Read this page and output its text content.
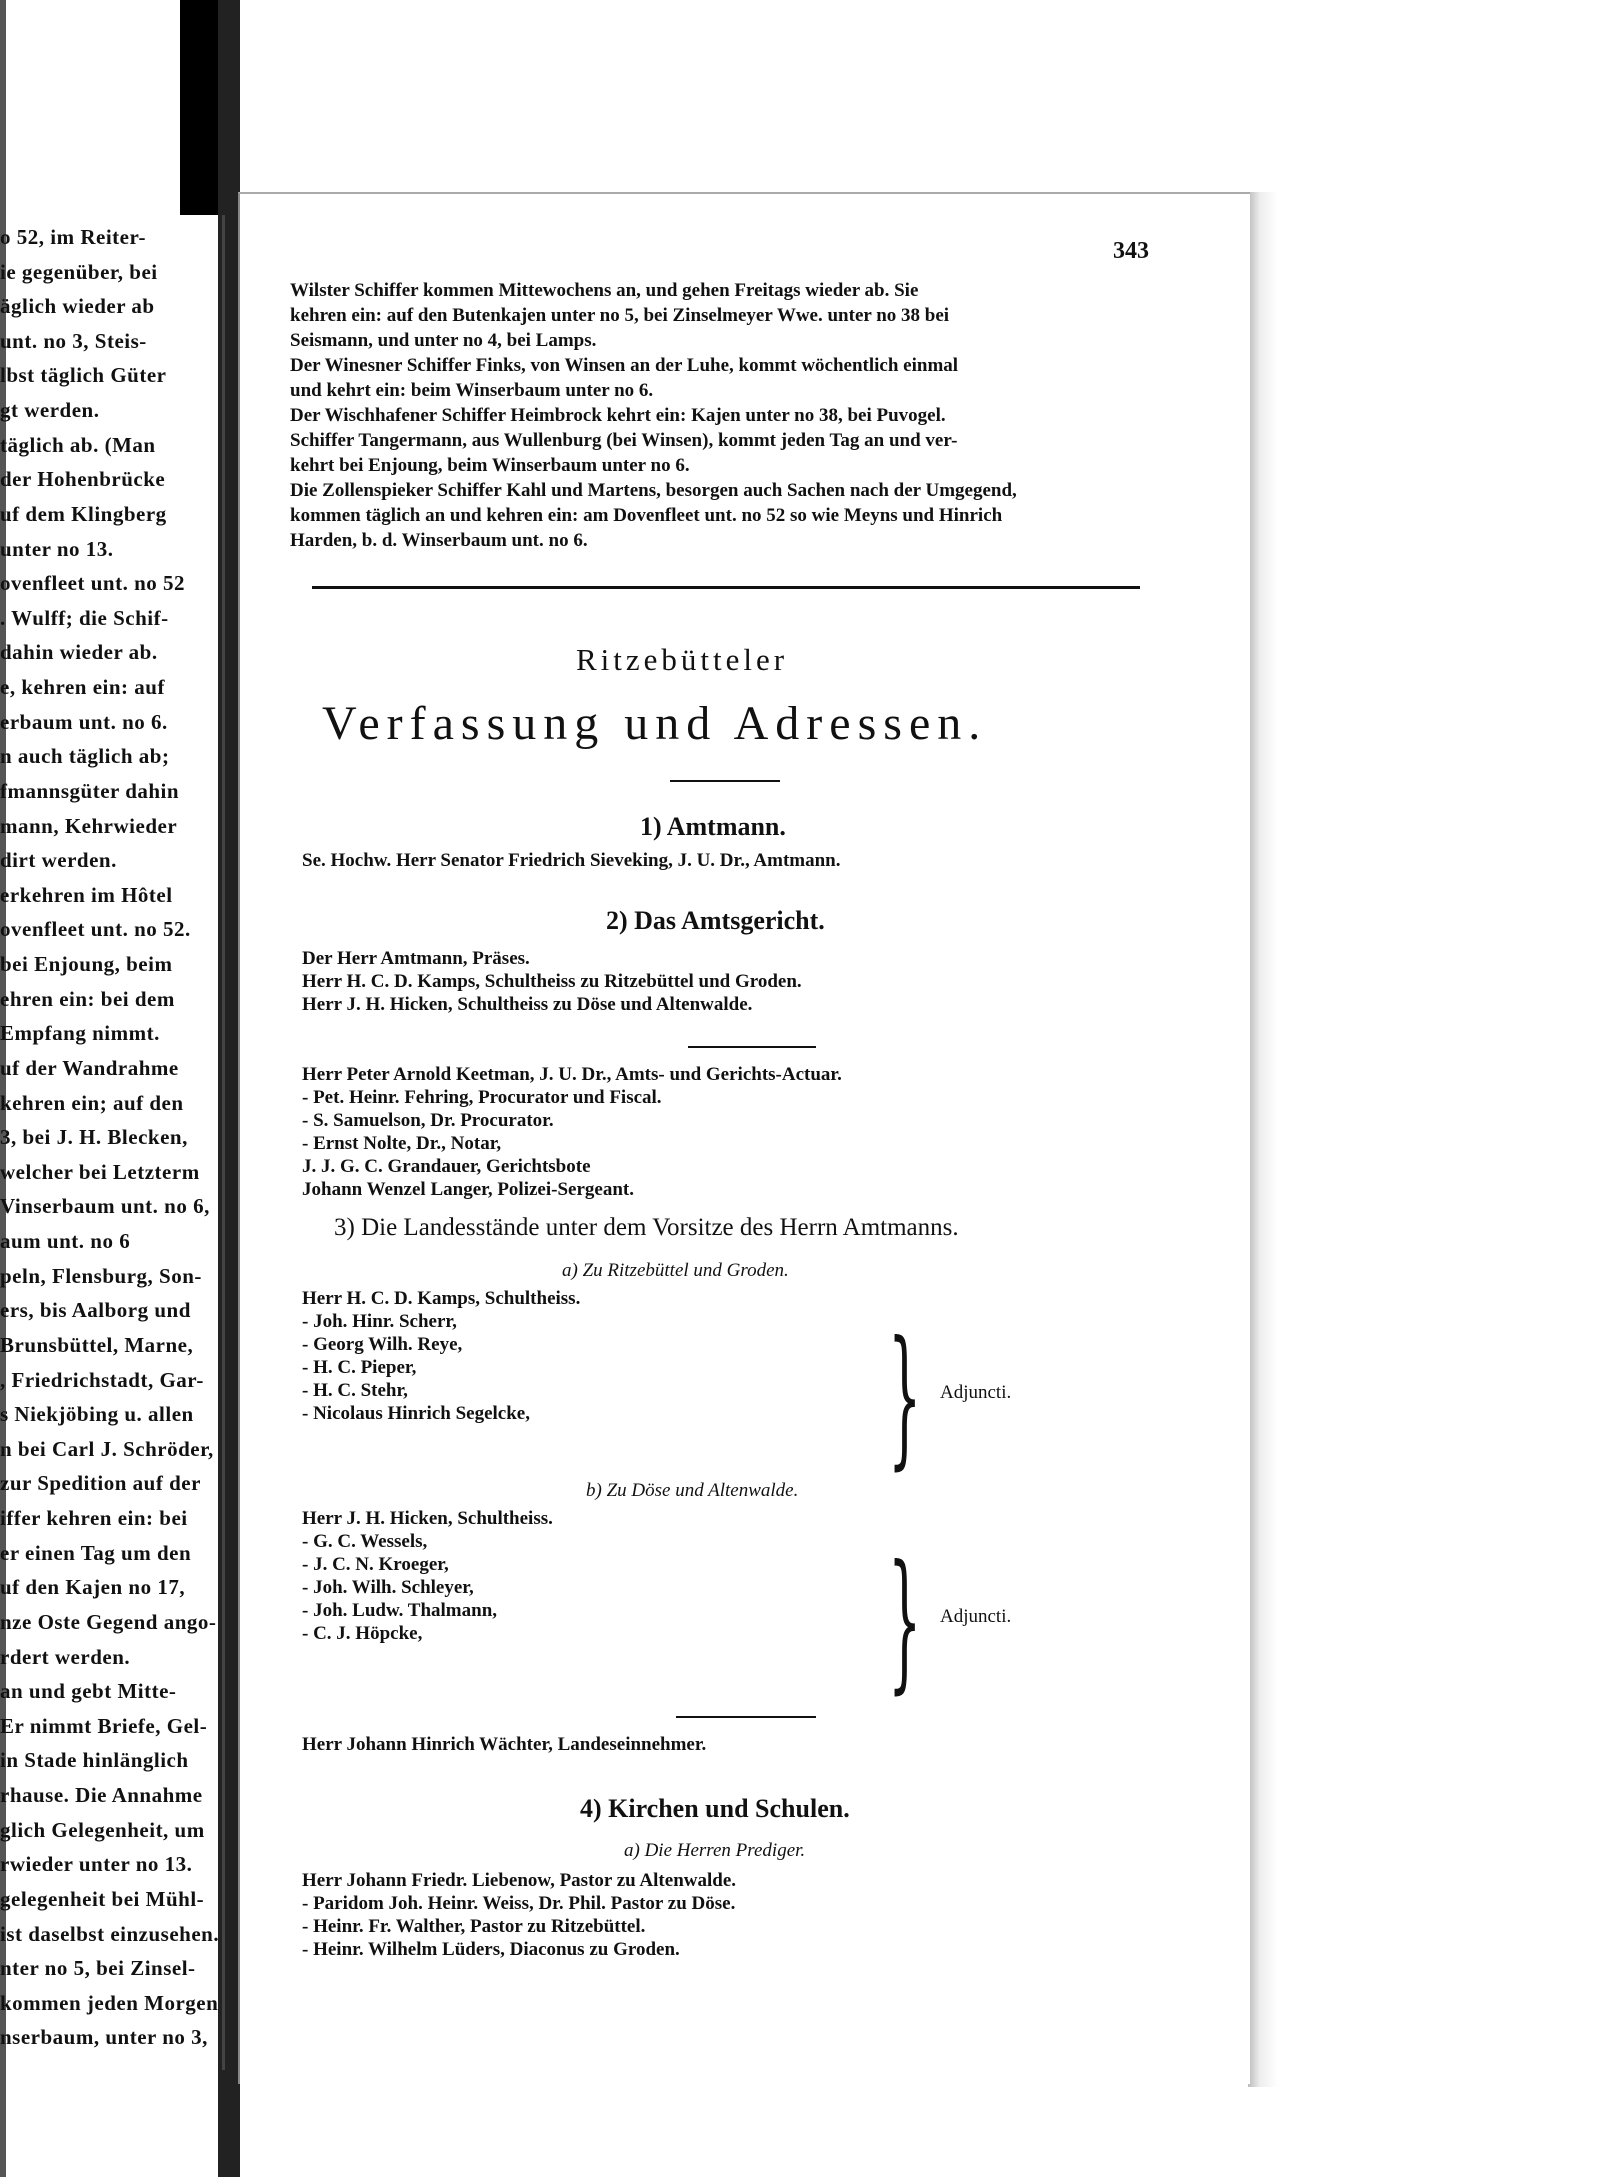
o 52, im Reiter-
ie gegenüber, bei
äglich wieder ab
unt. no 3, Steis-
lbst täglich Güter
gt werden.
täglich ab. (Man
der Hohenbrücke
uf dem Klingberg
unter no 13.
ovenfleet unt. no 52
. Wulff; die Schif-
dahin wieder ab.
e, kehren ein: auf
erbaum unt. no 6.
n auch täglich ab;
fmannsgüter dahin
mann, Kehrwieder
dirt werden.
erkehren im Hôtel
ovenfleet unt. no 52.
bei Enjoung, beim
ehren ein: bei dem
Empfang nimmt.
uf der Wandrahme
kehren ein; auf den
3, bei J. H. Blecken,
welcher bei Letzterm
Vinserbaum unt. no 6,
aum unt. no 6
peln, Flensburg, Son-
ers, bis Aalborg und
Brunsbüttel, Marne,
, Friedrichstadt, Gar-
s Niekjöbing u. allen
n bei Carl J. Schröder,
zur Spedition auf der
iffer kehren ein: bei
er einen Tag um den
uf den Kajen no 17,
nze Oste Gegend ango-
rdert werden.
an und gebt Mitte-
Er nimmt Briefe, Gel-
in Stade hinlänglich
rhause. Die Annahme
glich Gelegenheit, um
rwieder unter no 13.
gelegenheit bei Mühl-
ist daselbst einzusehen.
nter no 5, bei Zinsel-
kommen jeden Morgen
nserbaum, unter no 3,
343
Wilster Schiffer kommen Mittewochens an, und gehen Freitags wieder ab. Sie
kehren ein: auf den Butenkajen unter no 5, bei Zinselmeyer Wwe. unter no 38 bei
Seismann, und unter no 4, bei Lamps.
Der Winesner Schiffer Finks, von Winsen an der Luhe, kommt wöchentlich einmal
und kehrt ein: beim Winserbaum unter no 6.
Der Wischhafener Schiffer Heimbrock kehrt ein: Kajen unter no 38, bei Puvogel.
Schiffer Tangermann, aus Wullenburg (bei Winsen), kommt jeden Tag an und ver-
kehrt bei Enjoung, beim Winserbaum unter no 6.
Die Zollenspieker Schiffer Kahl und Martens, besorgen auch Sachen nach der Umgegend,
kommen täglich an und kehren ein: am Dovenfleet unt. no 52 so wie Meyns und Hinrich
Harden, b. d. Winserbaum unt. no 6.
Ritzebütteler
Verfassung und Adressen.
1) Amtmann.
Se. Hochw. Herr Senator Friedrich Sieveking, J. U. Dr., Amtmann.
2) Das Amtsgericht.
Der Herr Amtmann, Präses.
Herr H. C. D. Kamps, Schultheiss zu Ritzebüttel und Groden.
Herr J. H. Hicken, Schultheiss zu Döse und Altenwalde.
Herr Peter Arnold Keetman, J. U. Dr., Amts- und Gerichts-Actuar.
- Pet. Heinr. Fehring, Procurator und Fiscal.
- S. Samuelson, Dr. Procurator.
- Ernst Nolte, Dr., Notar,
J. J. G. C. Grandauer, Gerichtsbote
Johann Wenzel Langer, Polizei-Sergeant.
3) Die Landesstände unter dem Vorsitze des Herrn Amtmanns.
a) Zu Ritzebüttel und Groden.
Herr H. C. D. Kamps, Schultheiss.
- Joh. Hinr. Scherr,
- Georg Wilh. Reye,
- H. C. Pieper,
- H. C. Stehr,
- Nicolaus Hinrich Segelcke, } Adjuncti.
b) Zu Döse und Altenwalde.
Herr J. H. Hicken, Schultheiss.
- G. C. Wessels,
- J. C. N. Kroeger,
- Joh. Wilh. Schleyer,
- Joh. Ludw. Thalmann,
- C. J. Höpcke,	} Adjuncti.
Herr Johann Hinrich Wächter, Landeseinnehmer.
4) Kirchen und Schulen.
a) Die Herren Prediger.
Herr Johann Friedr. Liebenow, Pastor zu Altenwalde.
- Paridom Joh. Heinr. Weiss, Dr. Phil. Pastor zu Döse.
- Heinr. Fr. Walther, Pastor zu Ritzebüttel.
- Heinr. Wilhelm Lüders, Diaconus zu Groden.
